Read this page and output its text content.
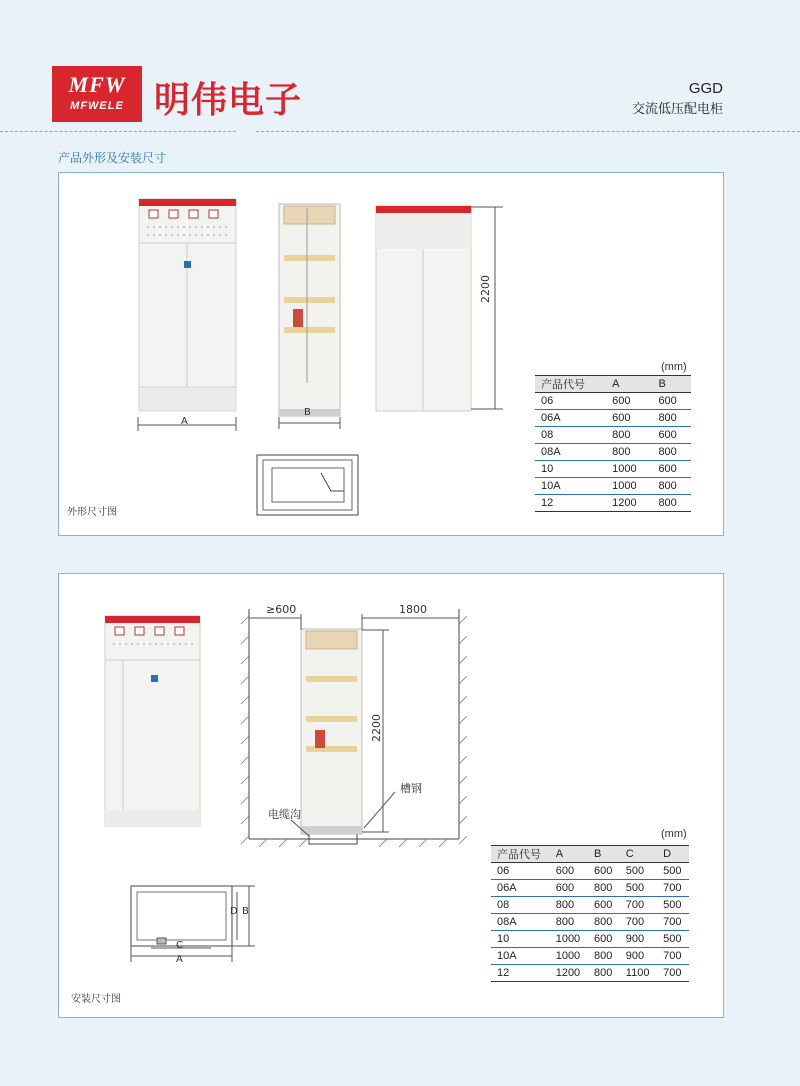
MFW
MFWELE 明伟电子	GGD
交流低压配电柜
产品外形及安装尺寸
A
B
2200
外形尺寸图
(mm)
产品代号	A	B
06	600	600
06A	600	800
08	800	600
08A	800	800
10	1000	600
10A	1000	800
12	1200	800
≥600	1800
2200
槽钢
电缆沟
A
C
B
D
安装尺寸图
(mm)
产品代号	A	B	C	D
06	600	600	500	500
06A	600	800	500	700
08	800	600	700	500
08A	800	800	700	700
10	1000	600	900	500
10A	1000	800	900	700
12	1200	800	1100	700
